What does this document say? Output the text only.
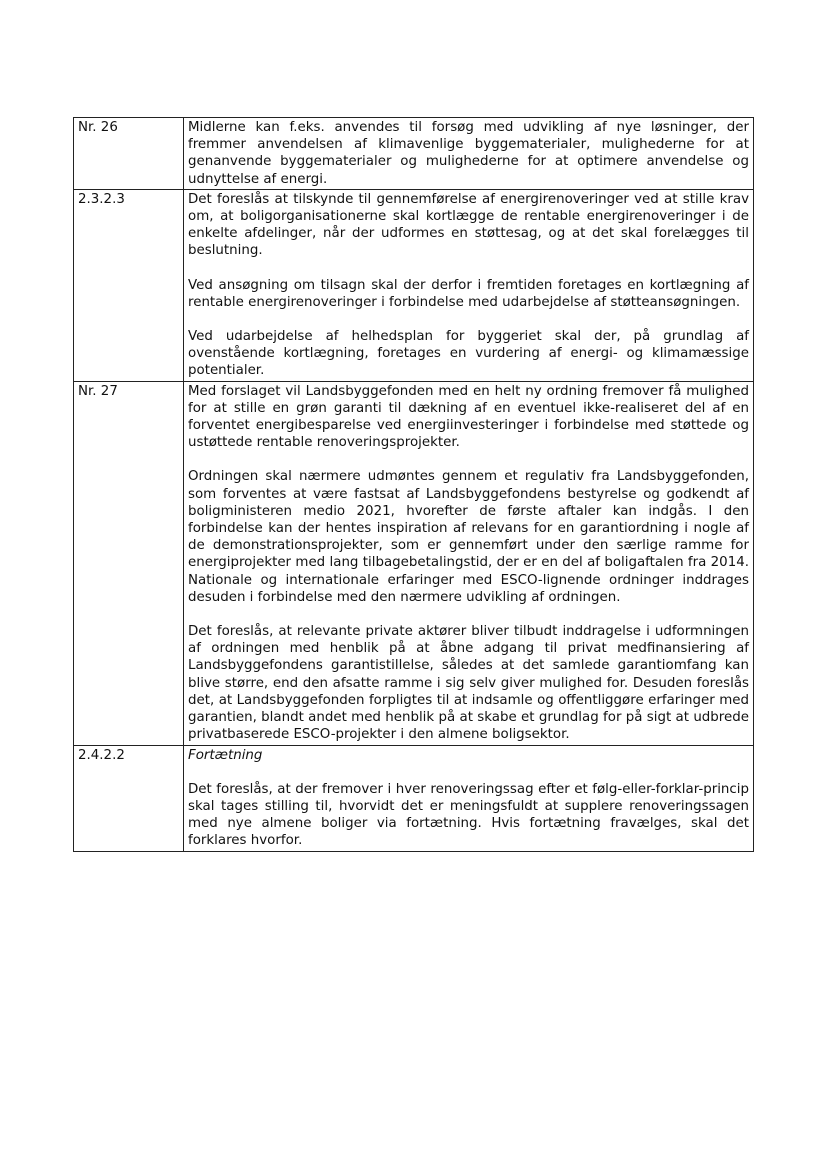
Nr. 26	Midlerne kan f.eks. anvendes til forsøg med udvikling af nye løsninger, der fremmer anvendelsen af klimavenlige byggematerialer, mulighederne for at genanvende byggematerialer og mulighederne for at optimere anvendelse og udnyttelse af energi.

2.3.2.3	Det foreslås at tilskynde til gennemførelse af energirenoveringer ved at stille krav om, at boligorganisationerne skal kortlægge de rentable energirenoveringer i de enkelte afdelinger, når der udformes en støttesag, og at det skal forelægges til beslutning.

Ved ansøgning om tilsagn skal der derfor i fremtiden foretages en kortlægning af rentable energirenoveringer i forbindelse med udarbejdelse af støtteansøgningen.

Ved udarbejdelse af helhedsplan for byggeriet skal der, på grundlag af ovenstående kortlægning, foretages en vurdering af energi- og klimamæssige potentialer.

Nr. 27	Med forslaget vil Landsbyggefonden med en helt ny ordning fremover få mulighed for at stille en grøn garanti til dækning af en eventuel ikke-realiseret del af en forventet energibesparelse ved energiinvesteringer i forbindelse med støttede og ustøttede rentable renoveringsprojekter.

Ordningen skal nærmere udmøntes gennem et regulativ fra Landsbyggefonden, som forventes at være fastsat af Landsbyggefondens bestyrelse og godkendt af boligministeren medio 2021, hvorefter de første aftaler kan indgås. I den forbindelse kan der hentes inspiration af relevans for en garantiordning i nogle af de demonstrationsprojekter, som er gennemført under den særlige ramme for energiprojekter med lang tilbagebetalingstid, der er en del af boligaftalen fra 2014. Nationale og internationale erfaringer med ESCO-lignende ordninger inddrages desuden i forbindelse med den nærmere udvikling af ordningen.

Det foreslås, at relevante private aktører bliver tilbudt inddragelse i udformningen af ordningen med henblik på at åbne adgang til privat medfinansiering af Landsbyggefondens garantistillelse, således at det samlede garantiomfang kan blive større, end den afsatte ramme i sig selv giver mulighed for. Desuden foreslås det, at Landsbyggefonden forpligtes til at indsamle og offentliggøre erfaringer med garantien, blandt andet med henblik på at skabe et grundlag for på sigt at udbrede privatbaserede ESCO-projekter i den almene boligsektor.

2.4.2.2	Fortætning

Det foreslås, at der fremover i hver renoveringssag efter et følg-eller-forklar-princip skal tages stilling til, hvorvidt det er meningsfuldt at supplere renoveringssagen med nye almene boliger via fortætning. Hvis fortætning fravælges, skal det forklares hvorfor.
